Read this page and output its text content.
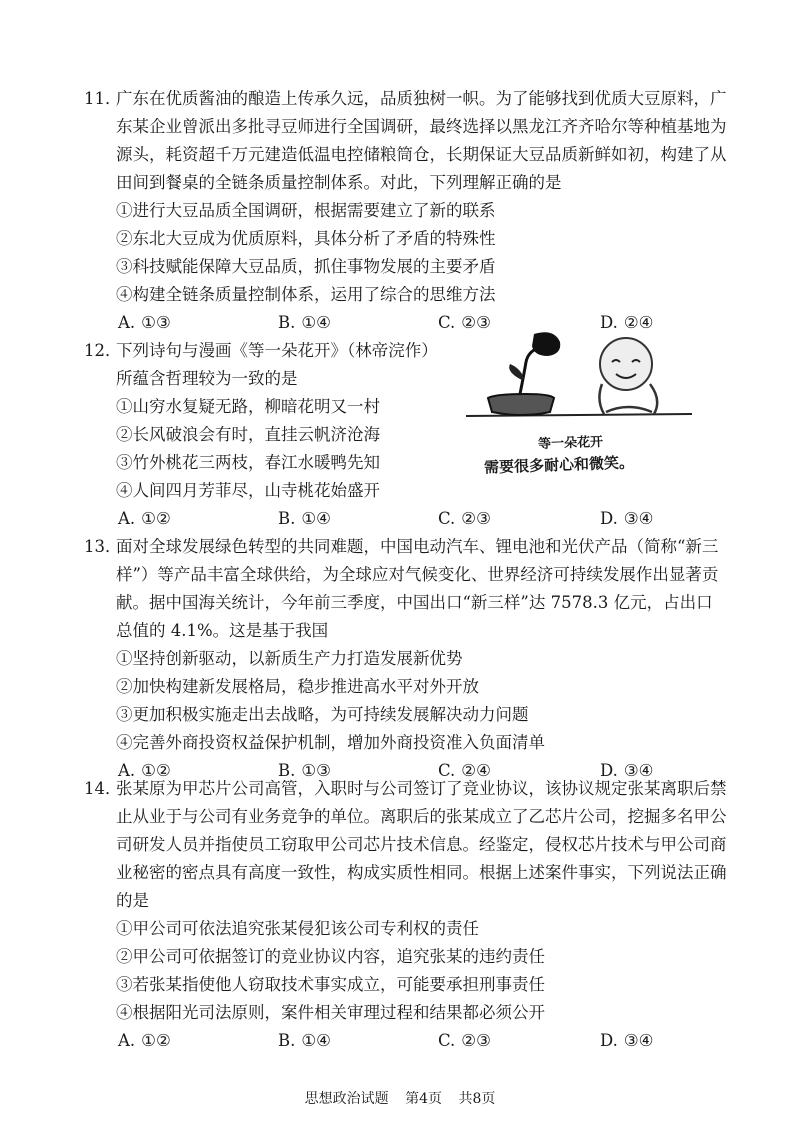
11．
广东在优质酱油的酿造上传承久远，品质独树一帜。为了能够找到优质大豆原料，广
东某企业曾派出多批寻豆师进行全国调研，最终选择以黑龙江齐齐哈尔等种植基地为
源头，耗资超千万元建造低温电控储粮筒仓，长期保证大豆品质新鲜如初，构建了从
田间到餐桌的全链条质量控制体系。对此，下列理解正确的是
①进行大豆品质全国调研，根据需要建立了新的联系
②东北大豆成为优质原料，具体分析了矛盾的特殊性
③科技赋能保障大豆品质，抓住事物发展的主要矛盾
④构建全链条质量控制体系，运用了综合的思维方法
A. ①③	B. ①④	C. ②③	D. ②④
12．
下列诗句与漫画《等一朵花开》（林帝浣作）
所蕴含哲理较为一致的是
①山穷水复疑无路，柳暗花明又一村
②长风破浪会有时，直挂云帆济沧海
③竹外桃花三两枝，春江水暖鸭先知
④人间四月芳菲尽，山寺桃花始盛开
A. ①②	B. ①④	C. ②③	D. ③④
等一朵花开
需要很多耐心和微笑。
13．
面对全球发展绿色转型的共同难题，中国电动汽车、锂电池和光伏产品（简称“新三
样”）等产品丰富全球供给，为全球应对气候变化、世界经济可持续发展作出显著贡
献。据中国海关统计，今年前三季度，中国出口“新三样”达 7578.3 亿元，占出口
总值的 4.1%。这是基于我国
①坚持创新驱动，以新质生产力打造发展新优势
②加快构建新发展格局，稳步推进高水平对外开放
③更加积极实施走出去战略，为可持续发展解决动力问题
④完善外商投资权益保护机制，增加外商投资准入负面清单
A. ①②	B. ①③	C. ②④	D. ③④
14．
张某原为甲芯片公司高管，入职时与公司签订了竞业协议，该协议规定张某离职后禁
止从业于与公司有业务竞争的单位。离职后的张某成立了乙芯片公司，挖掘多名甲公
司研发人员并指使员工窃取甲公司芯片技术信息。经鉴定，侵权芯片技术与甲公司商
业秘密的密点具有高度一致性，构成实质性相同。根据上述案件事实，下列说法正确
的是
①甲公司可依法追究张某侵犯该公司专利权的责任
②甲公司可依据签订的竞业协议内容，追究张某的违约责任
③若张某指使他人窃取技术事实成立，可能要承担刑事责任
④根据阳光司法原则，案件相关审理过程和结果都必须公开
A. ①②	B. ①④	C. ②③	D. ③④
思想政治试题 第4页 共8页
